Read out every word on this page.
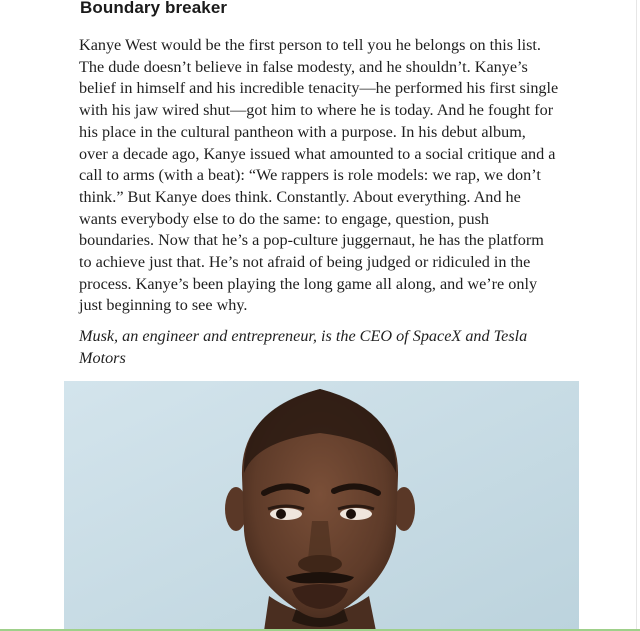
Boundary breaker

Kanye West would be the first person to tell you he belongs on this list.
The dude doesn’t believe in false modesty, and he shouldn’t. Kanye’s
belief in himself and his incredible tenacity—he performed his first single
with his jaw wired shut—got him to where he is today. And he fought for
his place in the cultural pantheon with a purpose. In his debut album,
over a decade ago, Kanye issued what amounted to a social critique and a
call to arms (with a beat): “We rappers is role models: we rap, we don’t
think.” But Kanye does think. Constantly. About everything. And he
wants everybody else to do the same: to engage, question, push
boundaries. Now that he’s a pop-culture juggernaut, he has the platform
to achieve just that. He’s not afraid of being judged or ridiculed in the
process. Kanye’s been playing the long game all along, and we’re only
just beginning to see why.

Musk, an engineer and entrepreneur, is the CEO of SpaceX and Tesla
Motors
